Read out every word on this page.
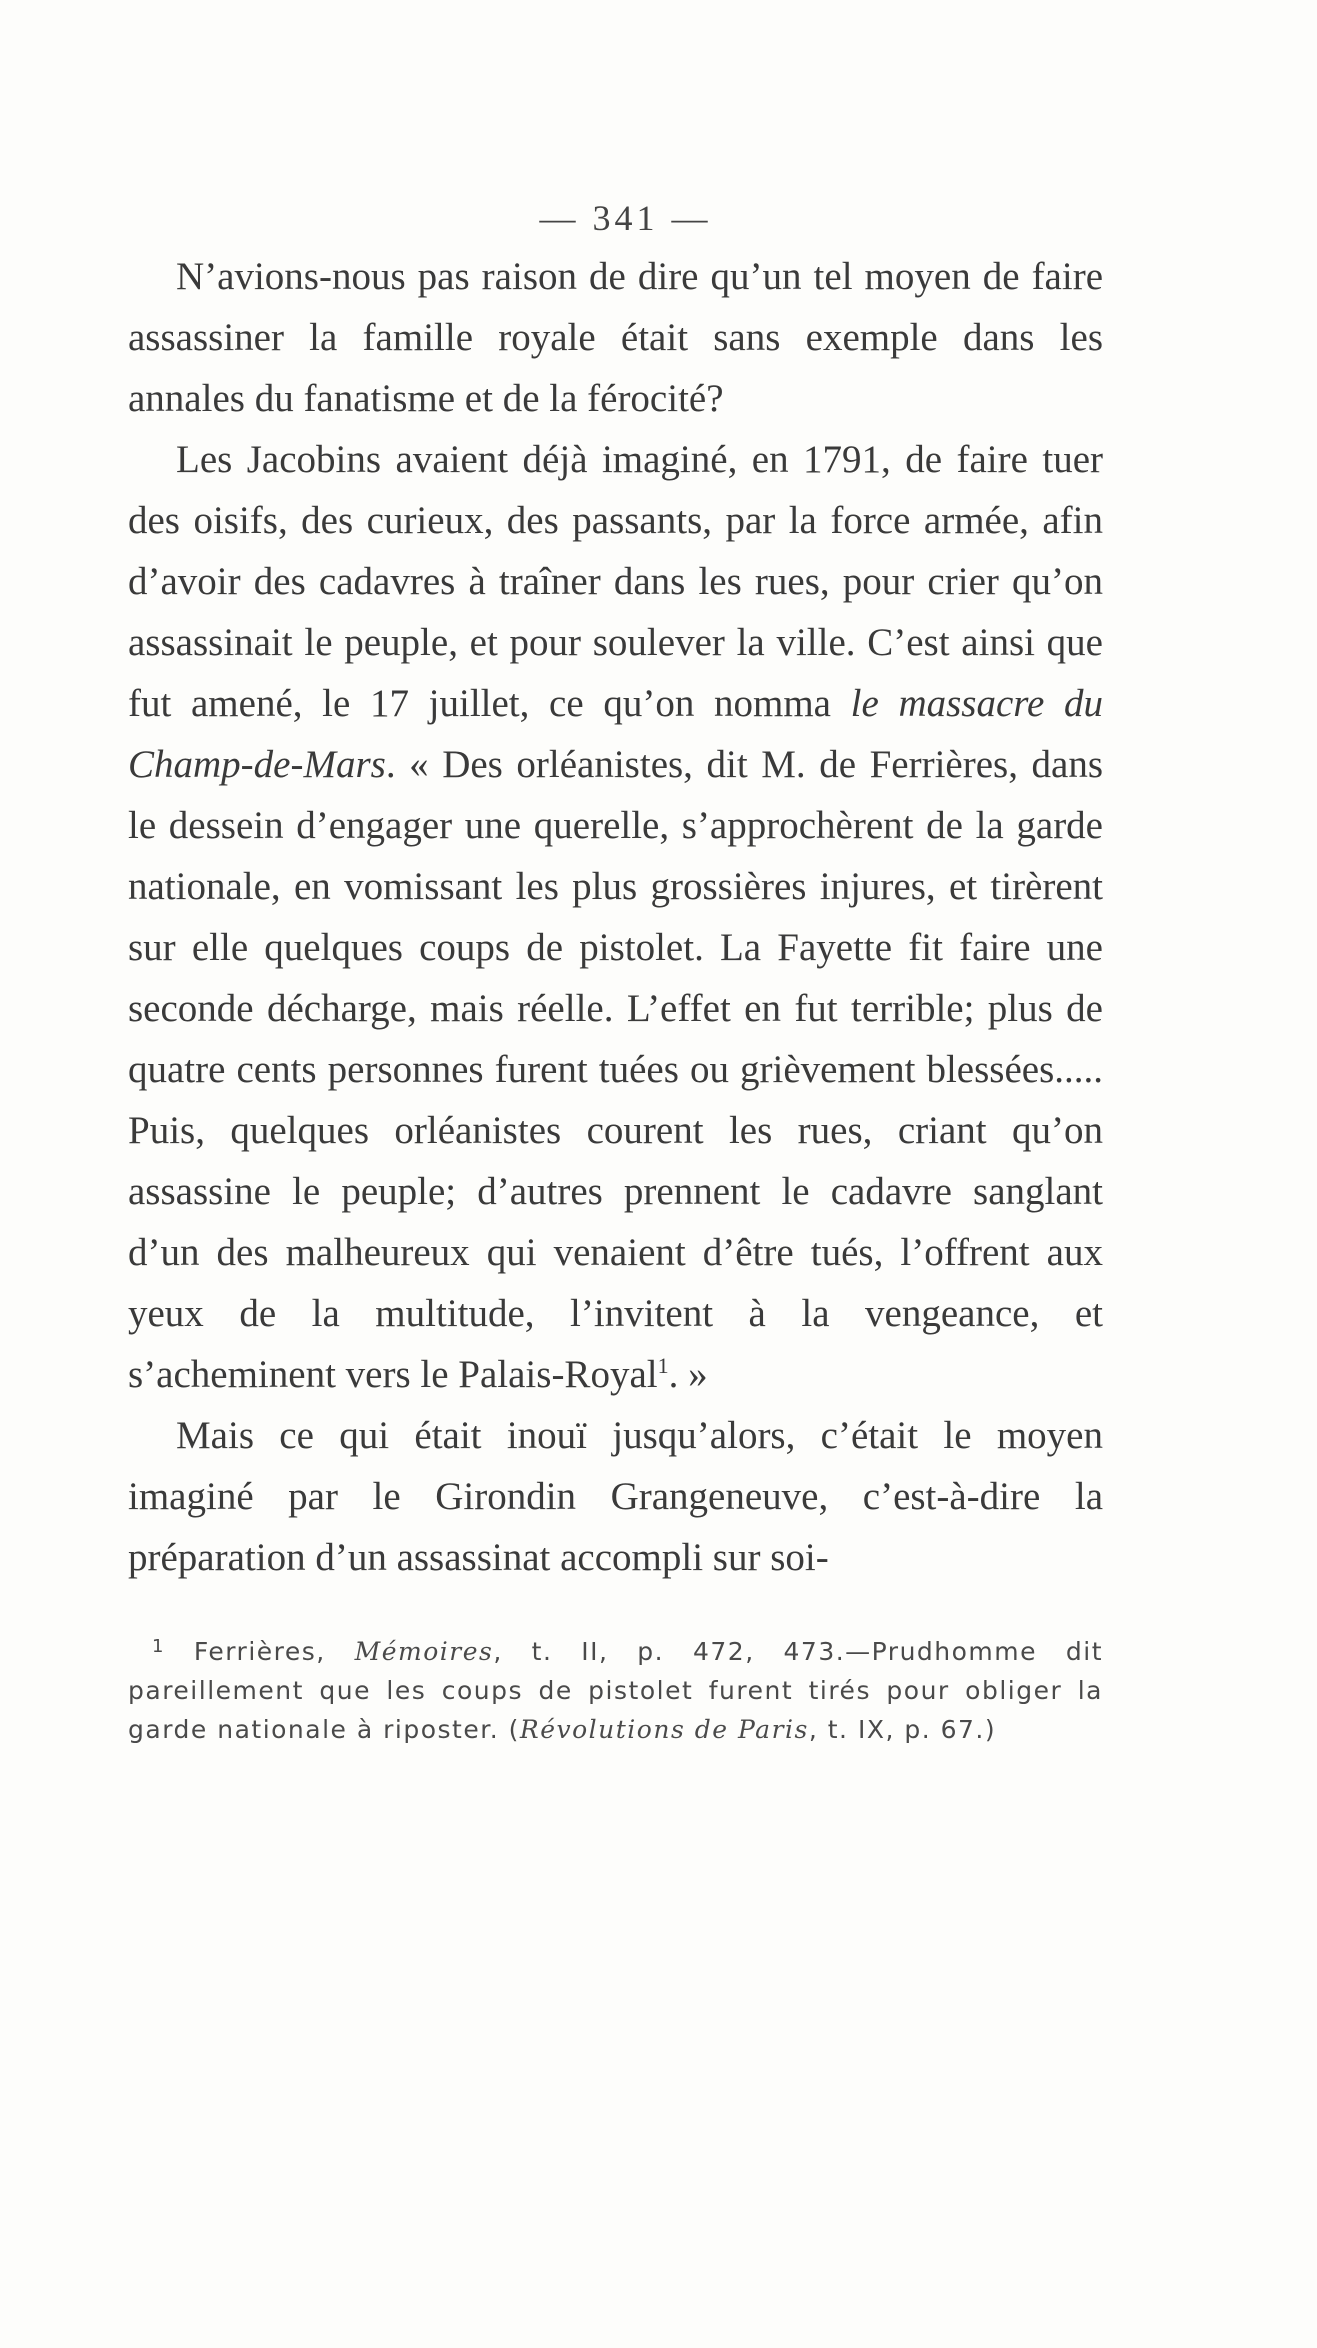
— 341 —

N’avions-nous pas raison de dire qu’un tel moyen de faire assassiner la famille royale était sans exemple dans les annales du fanatisme et de la férocité?

Les Jacobins avaient déjà imaginé, en 1791, de faire tuer des oisifs, des curieux, des passants, par la force armée, afin d’avoir des cadavres à traîner dans les rues, pour crier qu’on assassinait le peuple, et pour soulever la ville. C’est ainsi que fut amené, le 17 juillet, ce qu’on nomma le massacre du Champ-de-Mars. « Des orléanistes, dit M. de Ferrières, dans le dessein d’engager une querelle, s’approchèrent de la garde nationale, en vomissant les plus grossières injures, et tirèrent sur elle quelques coups de pistolet. La Fayette fit faire une seconde décharge, mais réelle. L’effet en fut terrible; plus de quatre cents personnes furent tuées ou grièvement blessées..... Puis, quelques orléanistes courent les rues, criant qu’on assassine le peuple; d’autres prennent le cadavre sanglant d’un des malheureux qui venaient d’être tués, l’offrent aux yeux de la multitude, l’invitent à la vengeance, et s’acheminent vers le Palais-Royal$^1$. »

Mais ce qui était inouï jusqu’alors, c’était le moyen imaginé par le Girondin Grangeneuve, c’est-à-dire la préparation d’un assassinat accompli sur soi-

$^1$ Ferrières, Mémoires, t. II, p. 472, 473.—Prudhomme dit pareillement que les coups de pistolet furent tirés pour obliger la garde nationale à riposter. (Révolutions de Paris, t. IX, p. 67.)
